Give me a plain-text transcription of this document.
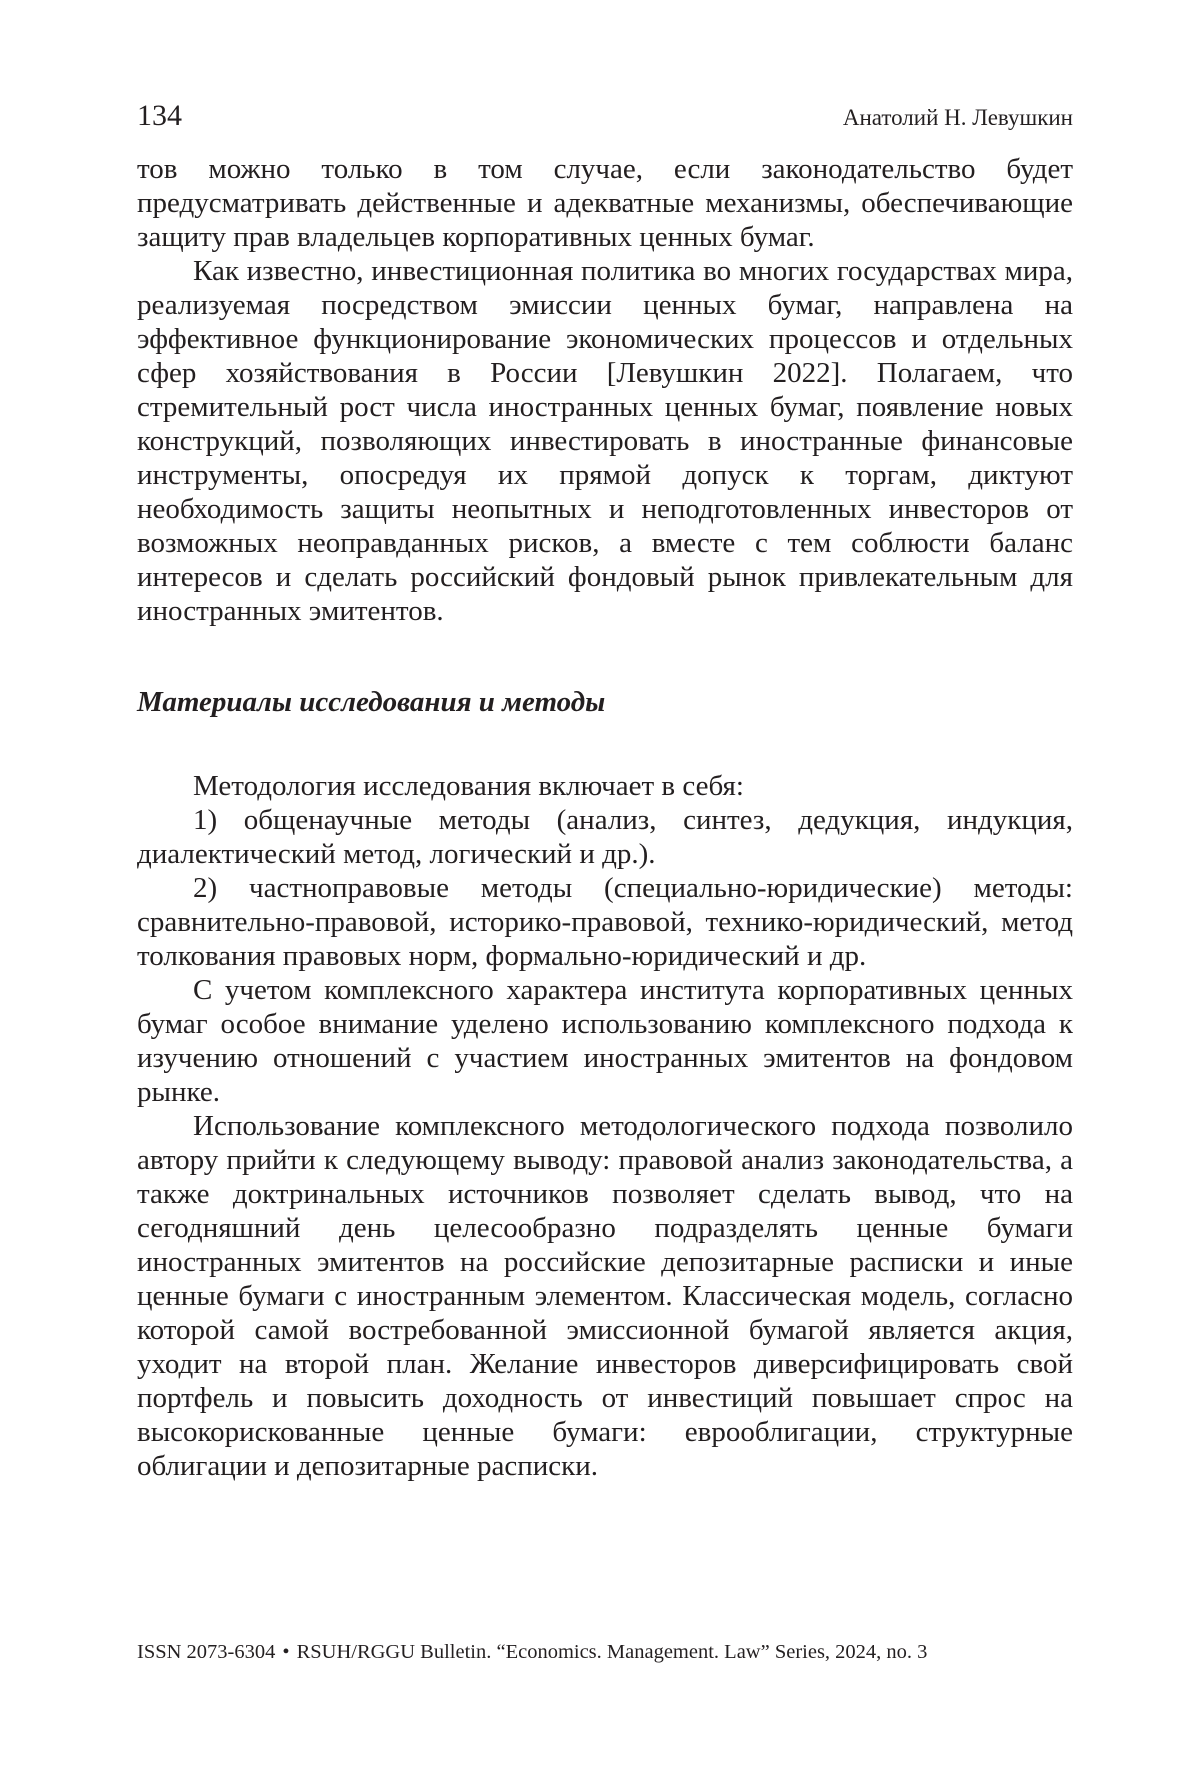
134	Анатолий Н. Левушкин

тов можно только в том случае, если законодательство будет предусматривать действенные и адекватные механизмы, обеспечивающие защиту прав владельцев корпоративных ценных бумаг.

Как известно, инвестиционная политика во многих государствах мира, реализуемая посредством эмиссии ценных бумаг, направлена на эффективное функционирование экономических процессов и отдельных сфер хозяйствования в России [Левушкин 2022]. Полагаем, что стремительный рост числа иностранных ценных бумаг, появление новых конструкций, позволяющих инвестировать в иностранные финансовые инструменты, опосредуя их прямой допуск к торгам, диктуют необходимость защиты неопытных и неподготовленных инвесторов от возможных неоправданных рисков, а вместе с тем соблюсти баланс интересов и сделать российский фондовый рынок привлекательным для иностранных эмитентов.

Материалы исследования и методы

Методология исследования включает в себя:

1) общенаучные методы (анализ, синтез, дедукция, индукция, диалектический метод, логический и др.).

2) частноправовые методы (специально-юридические) методы: сравнительно-правовой, историко-правовой, технико-юридический, метод толкования правовых норм, формально-юридический и др.

С учетом комплексного характера института корпоративных ценных бумаг особое внимание уделено использованию комплексного подхода к изучению отношений с участием иностранных эмитентов на фондовом рынке.

Использование комплексного методологического подхода позволило автору прийти к следующему выводу: правовой анализ законодательства, а также доктринальных источников позволяет сделать вывод, что на сегодняшний день целесообразно подразделять ценные бумаги иностранных эмитентов на российские депозитарные расписки и иные ценные бумаги с иностранным элементом. Классическая модель, согласно которой самой востребованной эмиссионной бумагой является акция, уходит на второй план. Желание инвесторов диверсифицировать свой портфель и повысить доходность от инвестиций повышает спрос на высокорискованные ценные бумаги: еврооблигации, структурные облигации и депозитарные расписки.

ISSN 2073-6304 • RSUH/RGGU Bulletin. “Economics. Management. Law” Series, 2024, no. 3
